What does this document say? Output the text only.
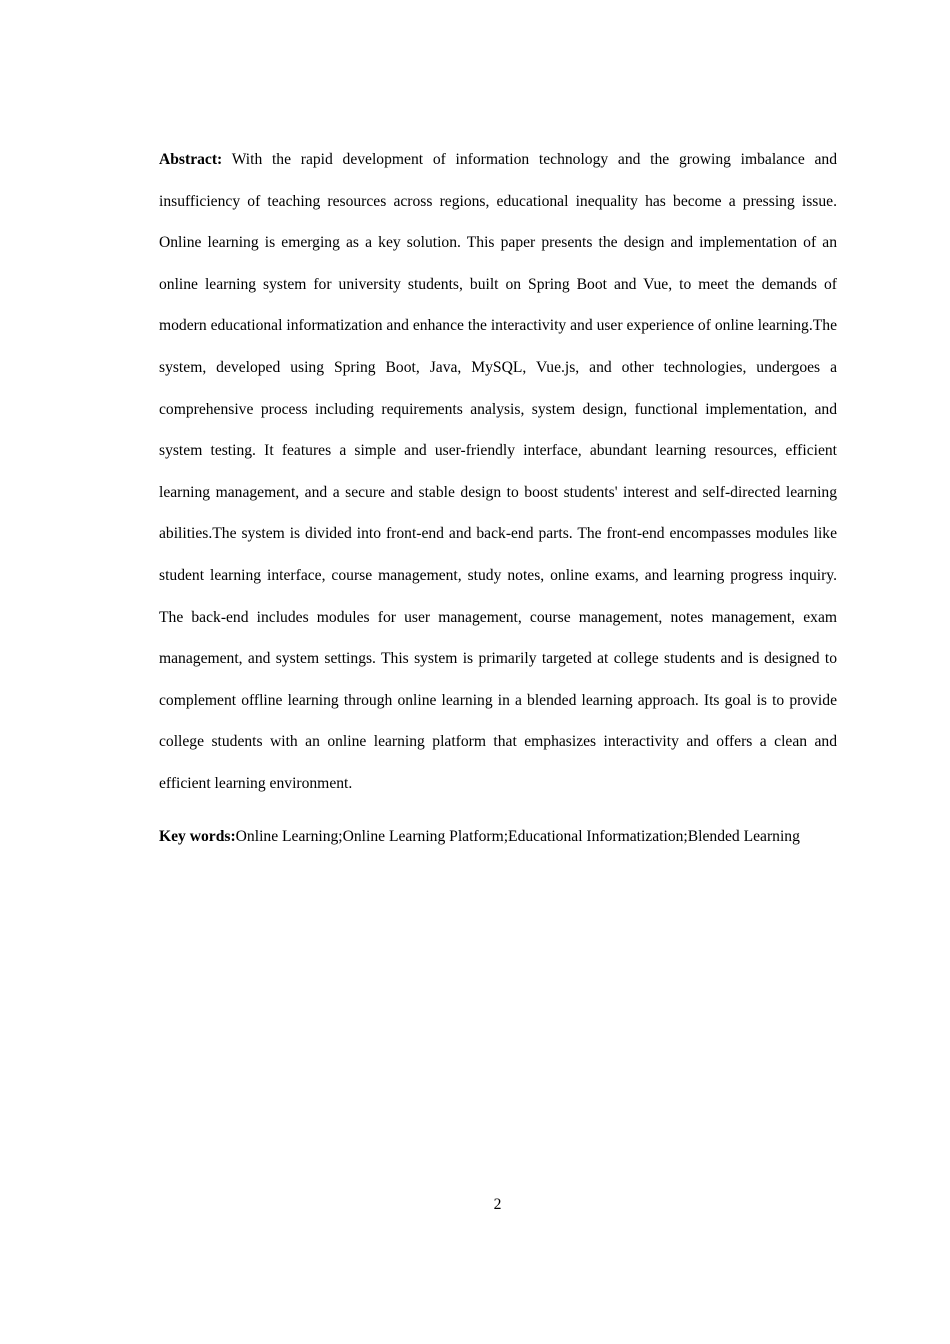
Abstract: With the rapid development of information technology and the growing imbalance and insufficiency of teaching resources across regions, educational inequality has become a pressing issue. Online learning is emerging as a key solution. This paper presents the design and implementation of an online learning system for university students, built on Spring Boot and Vue, to meet the demands of modern educational informatization and enhance the interactivity and user experience of online learning.The system, developed using Spring Boot, Java, MySQL, Vue.js, and other technologies, undergoes a comprehensive process including requirements analysis, system design, functional implementation, and system testing. It features a simple and user-friendly interface, abundant learning resources, efficient learning management, and a secure and stable design to boost students' interest and self-directed learning abilities.The system is divided into front-end and back-end parts. The front-end encompasses modules like student learning interface, course management, study notes, online exams, and learning progress inquiry. The back-end includes modules for user management, course management, notes management, exam management, and system settings. This system is primarily targeted at college students and is designed to complement offline learning through online learning in a blended learning approach. Its goal is to provide college students with an online learning platform that emphasizes interactivity and offers a clean and efficient learning environment.

Key words:Online Learning;Online Learning Platform;Educational Informatization;Blended Learning

2
